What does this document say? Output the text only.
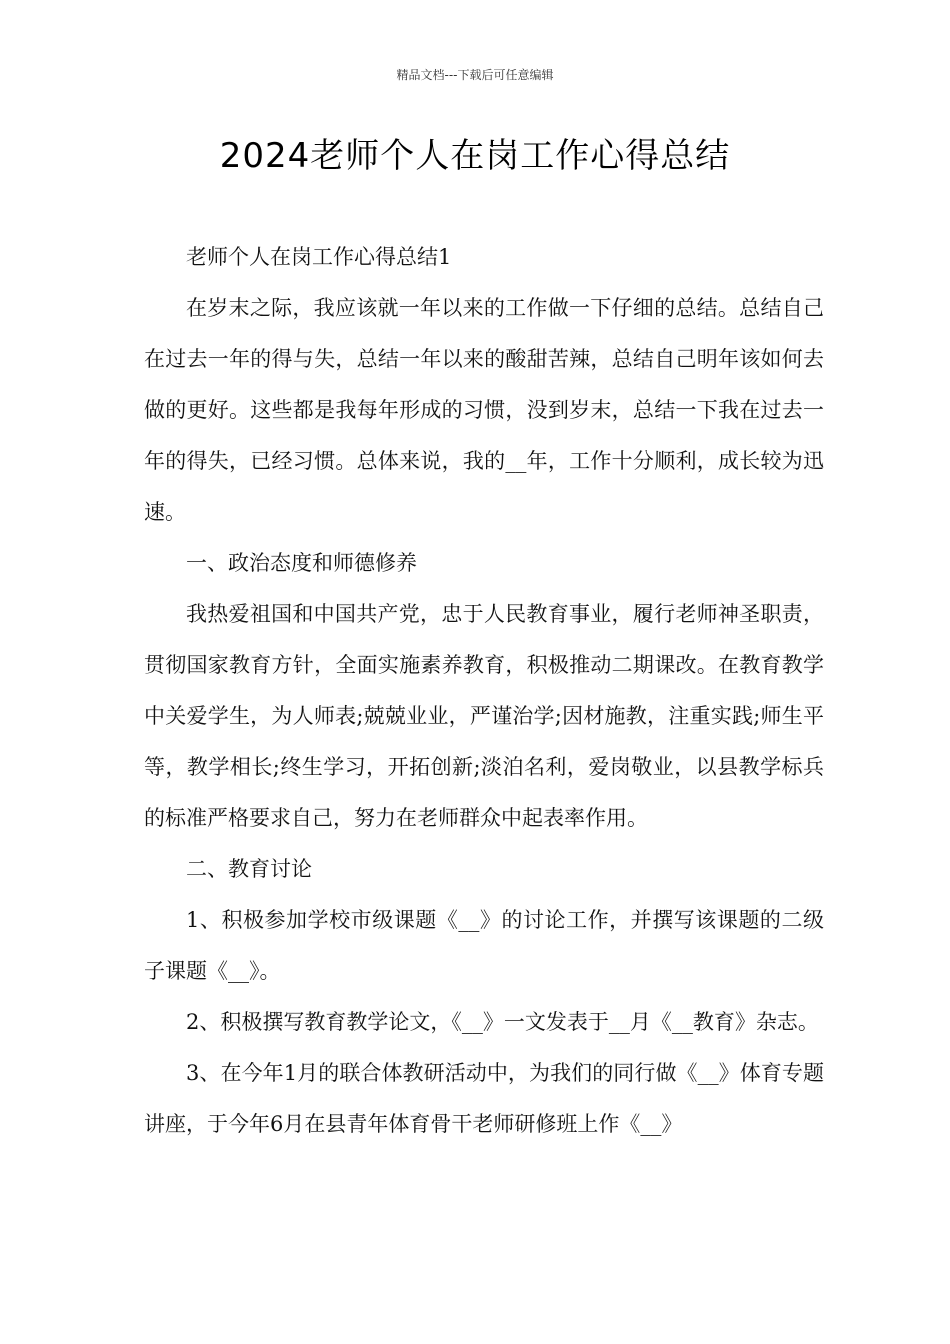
精品文档---下载后可任意编辑
2024老师个人在岗工作心得总结

老师个人在岗工作心得总结1

在岁末之际，我应该就一年以来的工作做一下仔细的总结。总结自己在过去一年的得与失，总结一年以来的酸甜苦辣，总结自己明年该如何去做的更好。这些都是我每年形成的习惯，没到岁末，总结一下我在过去一年的得失，已经习惯。总体来说，我的__年，工作十分顺利，成长较为迅速。

一、政治态度和师德修养

我热爱祖国和中国共产党，忠于人民教育事业，履行老师神圣职责，贯彻国家教育方针，全面实施素养教育，积极推动二期课改。在教育教学中关爱学生，为人师表;兢兢业业，严谨治学;因材施教，注重实践;师生平等，教学相长;终生学习，开拓创新;淡泊名利，爱岗敬业，以县教学标兵的标准严格要求自己，努力在老师群众中起表率作用。

二、教育讨论

1、积极参加学校市级课题《__》的讨论工作，并撰写该课题的二级子课题《__》。

2、积极撰写教育教学论文，《__》一文发表于__月《__教育》杂志。

3、在今年1月的联合体教研活动中，为我们的同行做《__》体育专题讲座，于今年6月在县青年体育骨干老师研修班上作《__》
